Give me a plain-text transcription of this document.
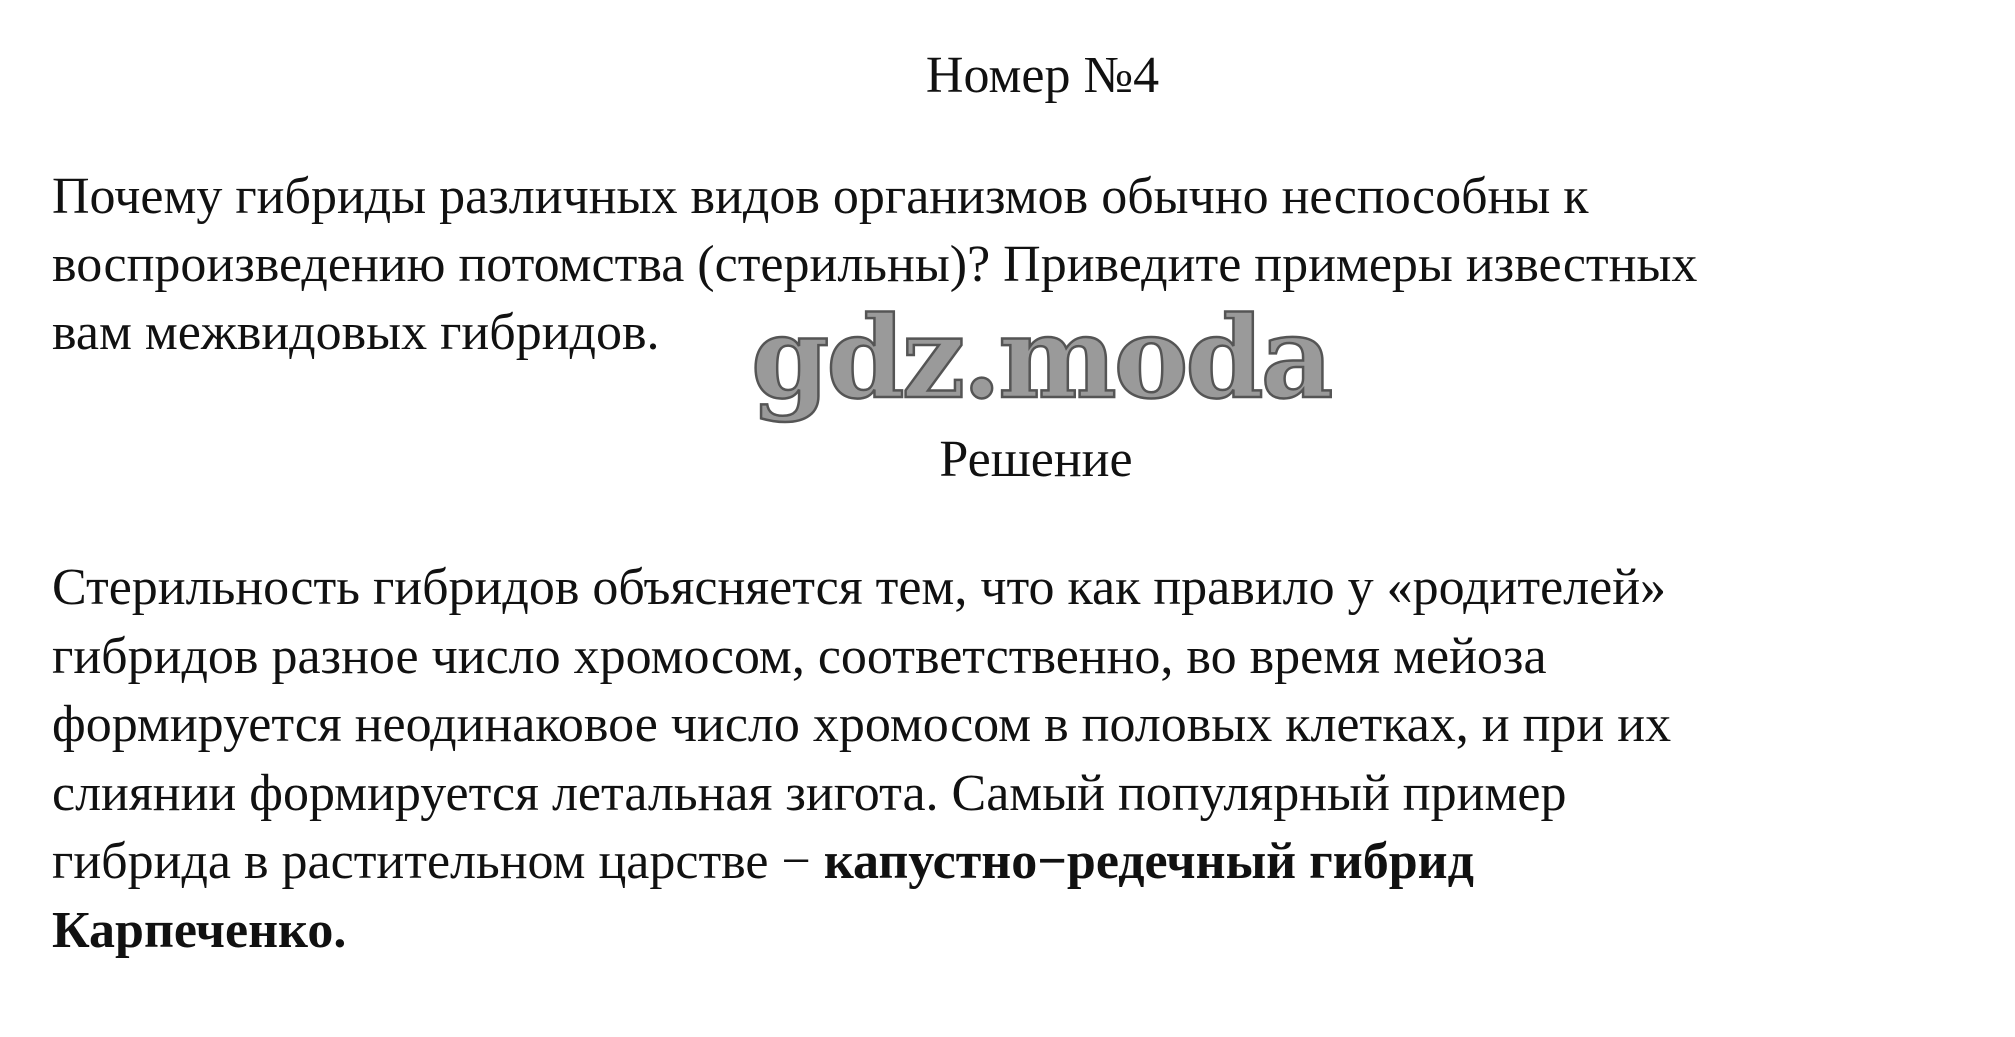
Номер №4

Почему гибриды различных видов организмов обычно неспособны к
воспроизведению потомства (стерильны)? Приведите примеры известных
вам межвидовых гибридов. gdz.moda
Решение

Стерильность гибридов объясняется тем, что как правило у «родителей»
гибридов разное число хромосом, соответственно, во время мейоза
формируется неодинаковое число хромосом в половых клетках, и при их
слиянии формируется летальная зигота. Самый популярный пример
гибрида в растительном царстве − капустно−редечный гибрид
Карпеченко.
